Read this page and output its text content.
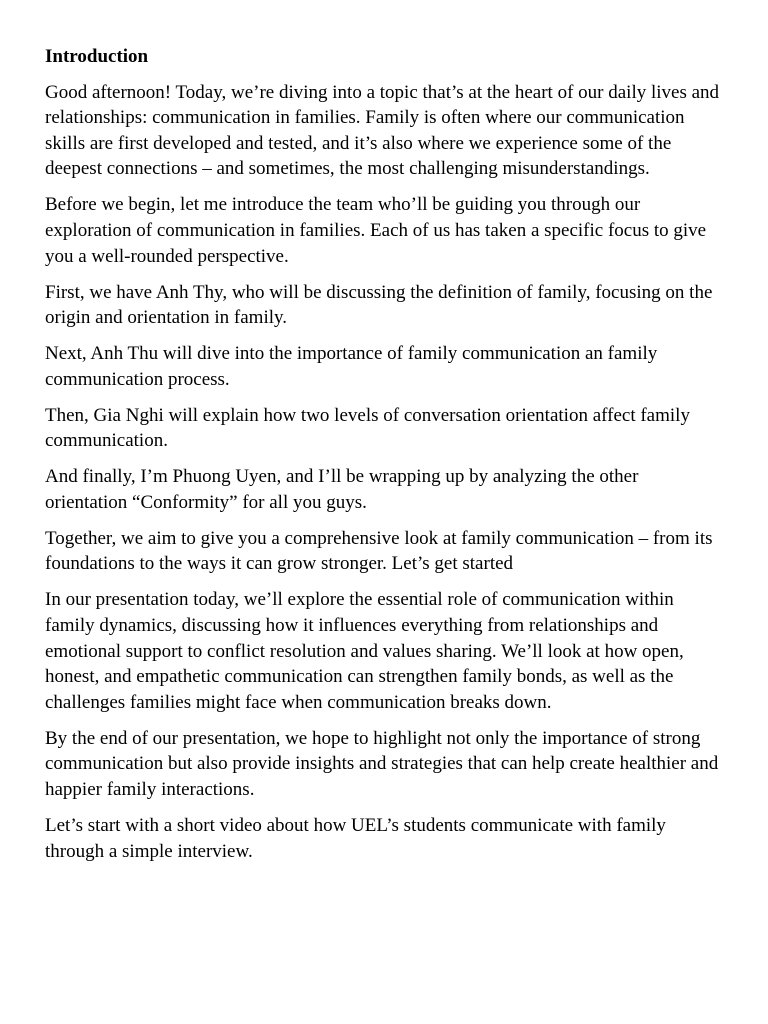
Introduction

Good afternoon! Today, we’re diving into a topic that’s at the heart of our daily lives and relationships: communication in families. Family is often where our communication skills are first developed and tested, and it’s also where we experience some of the deepest connections – and sometimes, the most challenging misunderstandings.

Before we begin, let me introduce the team who’ll be guiding you through our exploration of communication in families. Each of us has taken a specific focus to give you a well-rounded perspective.

First, we have Anh Thy, who will be discussing the definition of family, focusing on the origin and orientation in family.

Next, Anh Thu will dive into the importance of family communication an family communication process.

Then, Gia Nghi will explain how two levels of conversation orientation affect family communication.

And finally, I’m Phuong Uyen, and I’ll be wrapping up by analyzing the other orientation “Conformity” for all you guys.

Together, we aim to give you a comprehensive look at family communication – from its foundations to the ways it can grow stronger. Let’s get started

In our presentation today, we’ll explore the essential role of communication within family dynamics, discussing how it influences everything from relationships and emotional support to conflict resolution and values sharing. We’ll look at how open, honest, and empathetic communication can strengthen family bonds, as well as the challenges families might face when communication breaks down.

By the end of our presentation, we hope to highlight not only the importance of strong communication but also provide insights and strategies that can help create healthier and happier family interactions.

Let’s start with a short video about how UEL’s students communicate with family through a simple interview.
